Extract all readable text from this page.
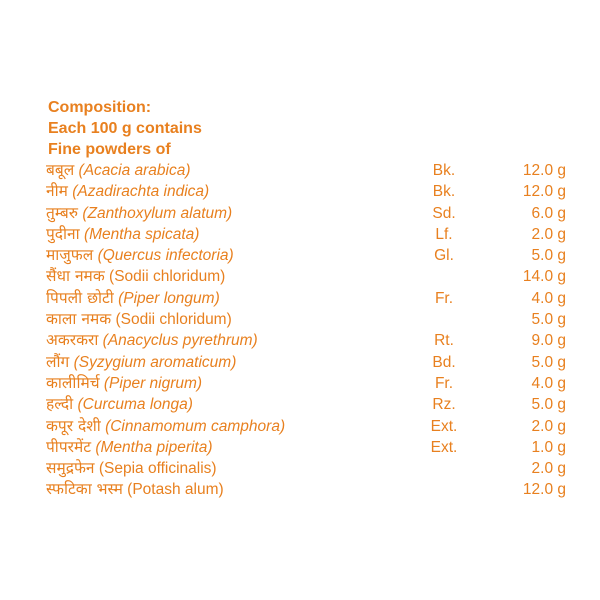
Composition:
Each 100 g contains
Fine powders of
बबूल (Acacia arabica)	Bk.	12.0 g
नीम (Azadirachta indica)	Bk.	12.0 g
तुम्बरु (Zanthoxylum alatum)	Sd.	6.0 g
पुदीना (Mentha spicata)	Lf.	2.0 g
माजुफल (Quercus infectoria)	Gl.	5.0 g
सैंधा नमक (Sodii chloridum)	14.0 g
पिपली छोटी (Piper longum)	Fr.	4.0 g
काला नमक (Sodii chloridum)	5.0 g
अकरकरा (Anacyclus pyrethrum)	Rt.	9.0 g
लौंग (Syzygium aromaticum)	Bd.	5.0 g
कालीमिर्च (Piper nigrum)	Fr.	4.0 g
हल्दी (Curcuma longa)	Rz.	5.0 g
कपूर देशी (Cinnamomum camphora)	Ext.	2.0 g
पीपरमेंट (Mentha piperita)	Ext.	1.0 g
समुद्रफेन (Sepia officinalis)	2.0 g
स्फटिका भस्म (Potash alum)	12.0 g
